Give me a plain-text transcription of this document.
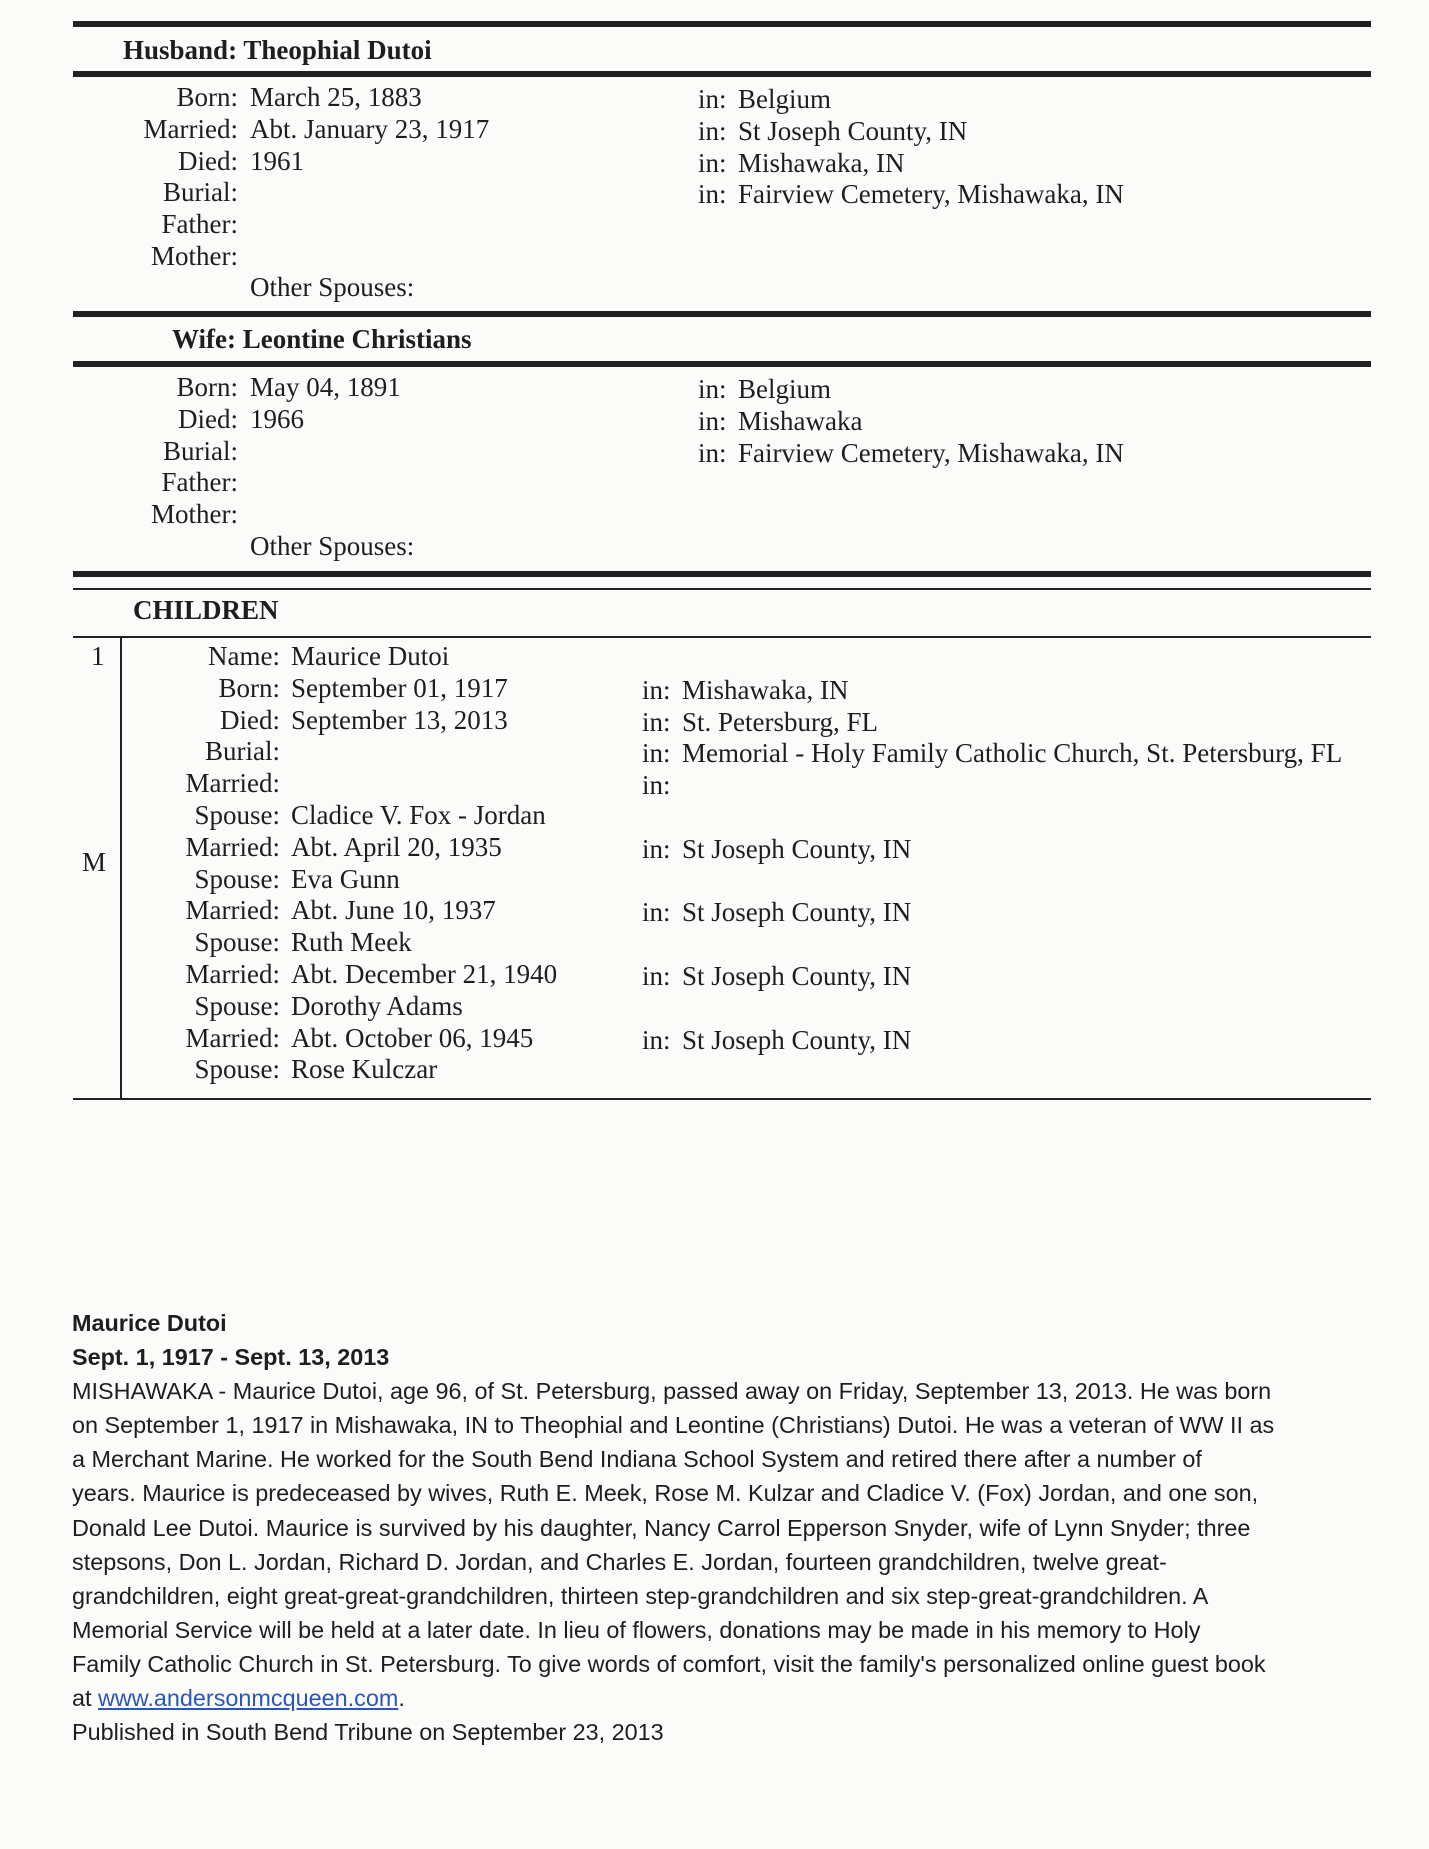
Husband: Theophial Dutoi
Born: March 25, 1883	in: Belgium
Married: Abt. January 23, 1917	in: St Joseph County, IN
Died: 1961	in: Mishawaka, IN
Burial:	in: Fairview Cemetery, Mishawaka, IN
Father:
Mother:
Other Spouses:
Wife: Leontine Christians
Born: May 04, 1891	in: Belgium
Died: 1966	in: Mishawaka
Burial:	in: Fairview Cemetery, Mishawaka, IN
Father:
Mother:
Other Spouses:
CHILDREN
1
M
Name: Maurice Dutoi
Born: September 01, 1917	in: Mishawaka, IN
Died: September 13, 2013	in: St. Petersburg, FL
Burial:	in: Memorial - Holy Family Catholic Church, St. Petersburg, FL
Married:	in:
Spouse: Cladice V. Fox - Jordan
Married: Abt. April 20, 1935	in: St Joseph County, IN
Spouse: Eva Gunn
Married: Abt. June 10, 1937	in: St Joseph County, IN
Spouse: Ruth Meek
Married: Abt. December 21, 1940	in: St Joseph County, IN
Spouse: Dorothy Adams
Married: Abt. October 06, 1945	in: St Joseph County, IN
Spouse: Rose Kulczar

Maurice Dutoi
Sept. 1, 1917 - Sept. 13, 2013
MISHAWAKA - Maurice Dutoi, age 96, of St. Petersburg, passed away on Friday, September 13, 2013. He was born
on September 1, 1917 in Mishawaka, IN to Theophial and Leontine (Christians) Dutoi. He was a veteran of WW II as
a Merchant Marine. He worked for the South Bend Indiana School System and retired there after a number of
years. Maurice is predeceased by wives, Ruth E. Meek, Rose M. Kulzar and Cladice V. (Fox) Jordan, and one son,
Donald Lee Dutoi. Maurice is survived by his daughter, Nancy Carrol Epperson Snyder, wife of Lynn Snyder; three
stepsons, Don L. Jordan, Richard D. Jordan, and Charles E. Jordan, fourteen grandchildren, twelve great-
grandchildren, eight great-great-grandchildren, thirteen step-grandchildren and six step-great-grandchildren. A
Memorial Service will be held at a later date. In lieu of flowers, donations may be made in his memory to Holy
Family Catholic Church in St. Petersburg. To give words of comfort, visit the family's personalized online guest book
at www.andersonmcqueen.com.
Published in South Bend Tribune on September 23, 2013
